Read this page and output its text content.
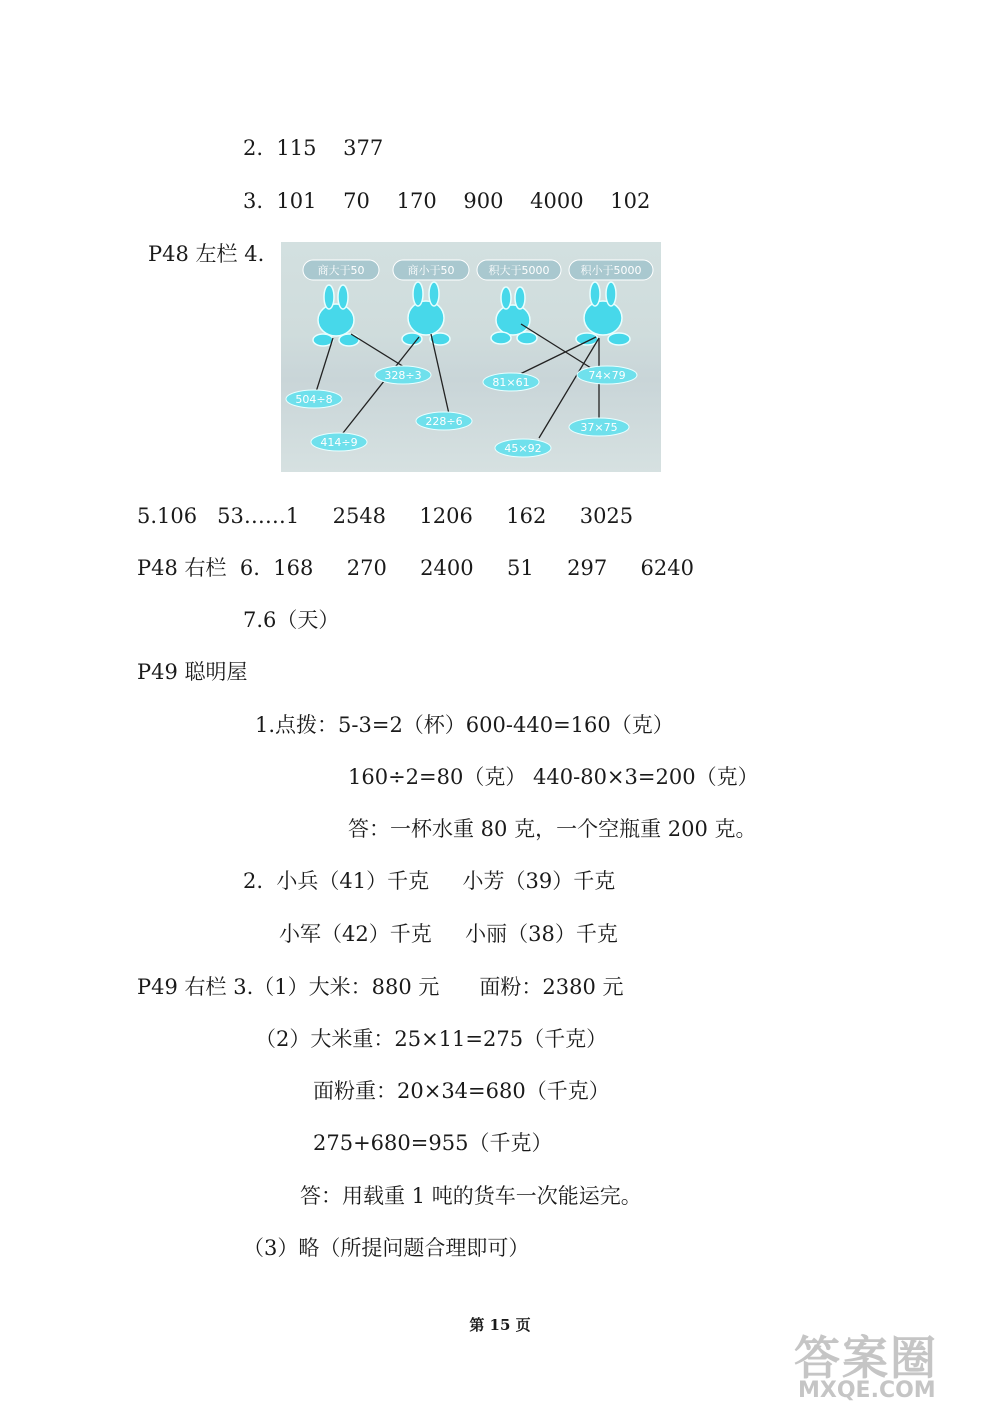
2.  115    377
3.  101    70    170    900    4000    102
P48 左栏 4.
商大于50	商小于50	积大于5000	积小于5000
504÷8
328÷3
228÷6
414÷9
81×61
74×79
45×92
37×75
5.106   53……1     2548     1206     162     3025
P48 右栏  6.  168     270     2400     51     297     6240
7.6（天）
P49 聪明屋
1.点拨：5-3=2（杯）600-440=160（克）
160÷2=80（克） 440-80×3=200（克）
答：一杯水重 80 克，一个空瓶重 200 克。
2.  小兵（41）千克     小芳（39）千克
小军（42）千克     小丽（38）千克
P49 右栏 3.（1）大米：880 元      面粉：2380 元
（2）大米重：25×11=275（千克）
面粉重：20×34=680（千克）
275+680=955（千克）
答：用载重 1 吨的货车一次能运完。
（3）略（所提问题合理即可）
第 15 页
答案圈
MXQE.COM
